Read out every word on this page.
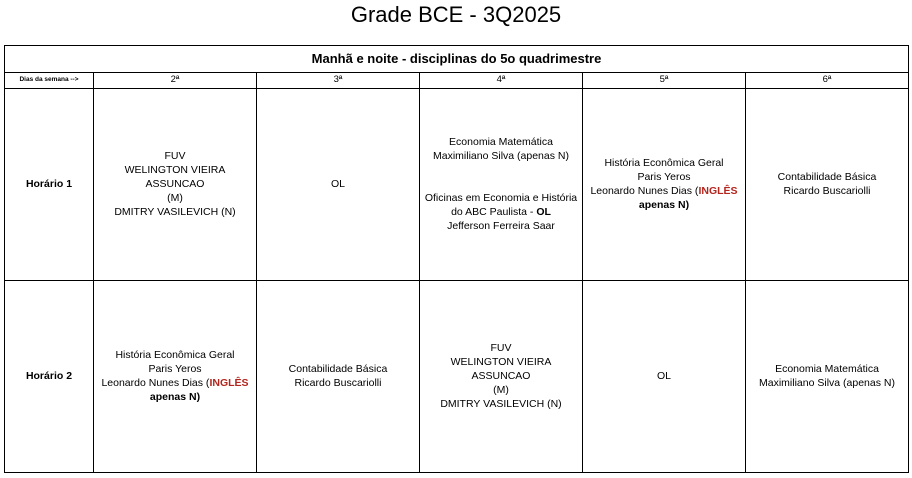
Grade BCE - 3Q2025
Manhã e noite - disciplinas do 5o quadrimestre					
Dias da semana -->	2ª	3ª	4ª	5ª	6ª
Horário 1	FUV
WELINGTON VIEIRA ASSUNCAO
(M)
DMITRY VASILEVICH (N)	OL	Economia Matemática
Maximiliano Silva (apenas N)
Oficinas em Economia e História
do ABC Paulista - OL
Jefferson Ferreira Saar	História Econômica Geral
Paris Yeros
Leonardo Nunes Dias (INGLÊS
apenas N)	Contabilidade Básica
Ricardo Buscariolli

Horário 2	História Econômica Geral
Paris Yeros
Leonardo Nunes Dias (INGLÊS
apenas N)	Contabilidade Básica
Ricardo Buscariolli	FUV
WELINGTON VIEIRA ASSUNCAO
(M)
DMITRY VASILEVICH (N)	OL	Economia Matemática
Maximiliano Silva (apenas N)
